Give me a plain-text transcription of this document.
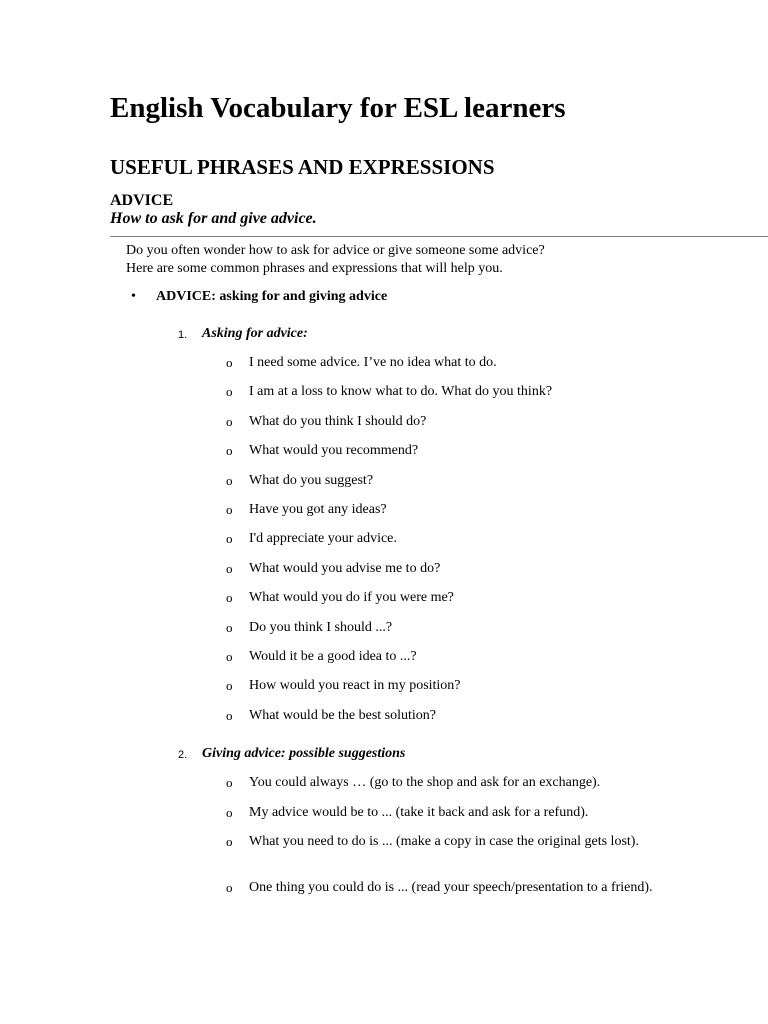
English Vocabulary for ESL learners
USEFUL PHRASES AND EXPRESSIONS
ADVICE
How to ask for and give advice.

Do you often wonder how to ask for advice or give someone some advice?

Here are some common phrases and expressions that will help you.

• ADVICE: asking for and giving advice
1. Asking for advice:
o I need some advice. I’ve no idea what to do.
o I am at a loss to know what to do. What do you think?
o What do you think I should do?
o What would you recommend?
o What do you suggest?
o Have you got any ideas?
o I'd appreciate your advice.
o What would you advise me to do?
o What would you do if you were me?
o Do you think I should ...?
o Would it be a good idea to ...?
o How would you react in my position?
o What would be the best solution?
2. Giving advice: possible suggestions
o You could always … (go to the shop and ask for an exchange).
o My advice would be to ... (take it back and ask for a refund).
o What you need to do is ... (make a copy in case the original gets lost).
o One thing you could do is ... (read your speech/presentation to a friend).
